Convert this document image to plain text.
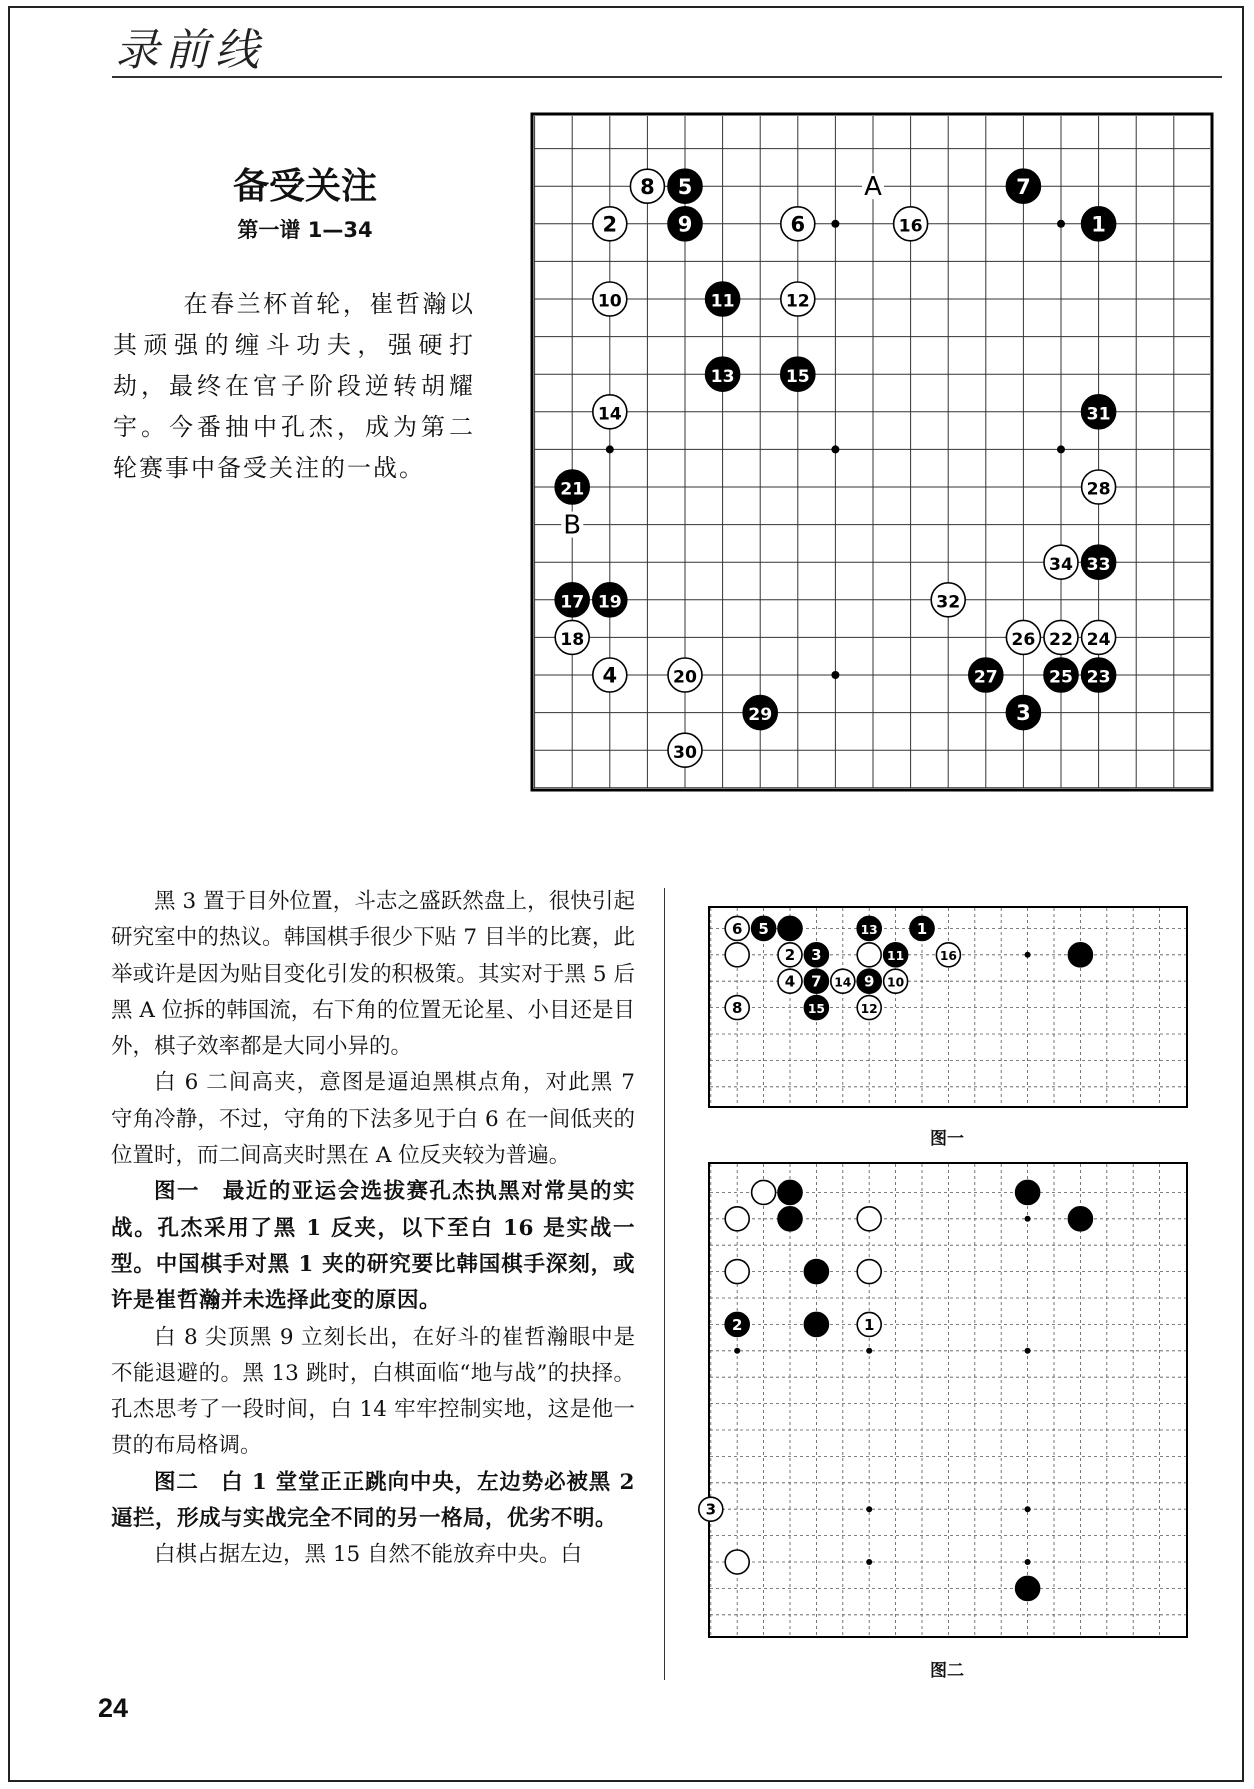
录前线
备受关注
第一谱 1—34
在春兰杯首轮，崔哲瀚以其顽强的缠斗功夫，强硬打劫，最终在官子阶段逆转胡耀宇。今番抽中孔杰，成为第二轮赛事中备受关注的一战。
A
B
1
2
3
4
5
6
7
8
9
10	11	12
13
14
15
16
17
18
19
20
21
22
23
24
25
26
27
28
29
30
31
32
33
34

黑 3 置于目外位置，斗志之盛跃然盘上，很快引起研究室中的热议。韩国棋手很少下贴 7 目半的比赛，此举或许是因为贴目变化引发的积极策。其实对于黑 5 后黑 A 位拆的韩国流，右下角的位置无论星、小目还是目外，棋子效率都是大同小异的。

白 6 二间高夹，意图是逼迫黑棋点角，对此黑 7 守角冷静，不过，守角的下法多见于白 6 在一间低夹的位置时，而二间高夹时黑在 A 位反夹较为普遍。

图一　最近的亚运会选拔赛孔杰执黑对常昊的实战。孔杰采用了黑 1 反夹，以下至白 16 是实战一型。中国棋手对黑 1 夹的研究要比韩国棋手深刻，或许是崔哲瀚并未选择此变的原因。

白 8 尖顶黑 9 立刻长出，在好斗的崔哲瀚眼中是不能退避的。黑 13 跳时，白棋面临“地与战”的抉择。孔杰思考了一段时间，白 14 牢牢控制实地，这是他一贯的布局格调。

图二　白 1 堂堂正正跳向中央，左边势必被黑 2 逼拦，形成与实战完全不同的另一格局，优劣不明。

白棋占据左边，黑 15 自然不能放弃中央。白

6 5	13	1
2 3	11	16
4 7 14 9 10
8	15	12
图一
2	1
3
图二
24
